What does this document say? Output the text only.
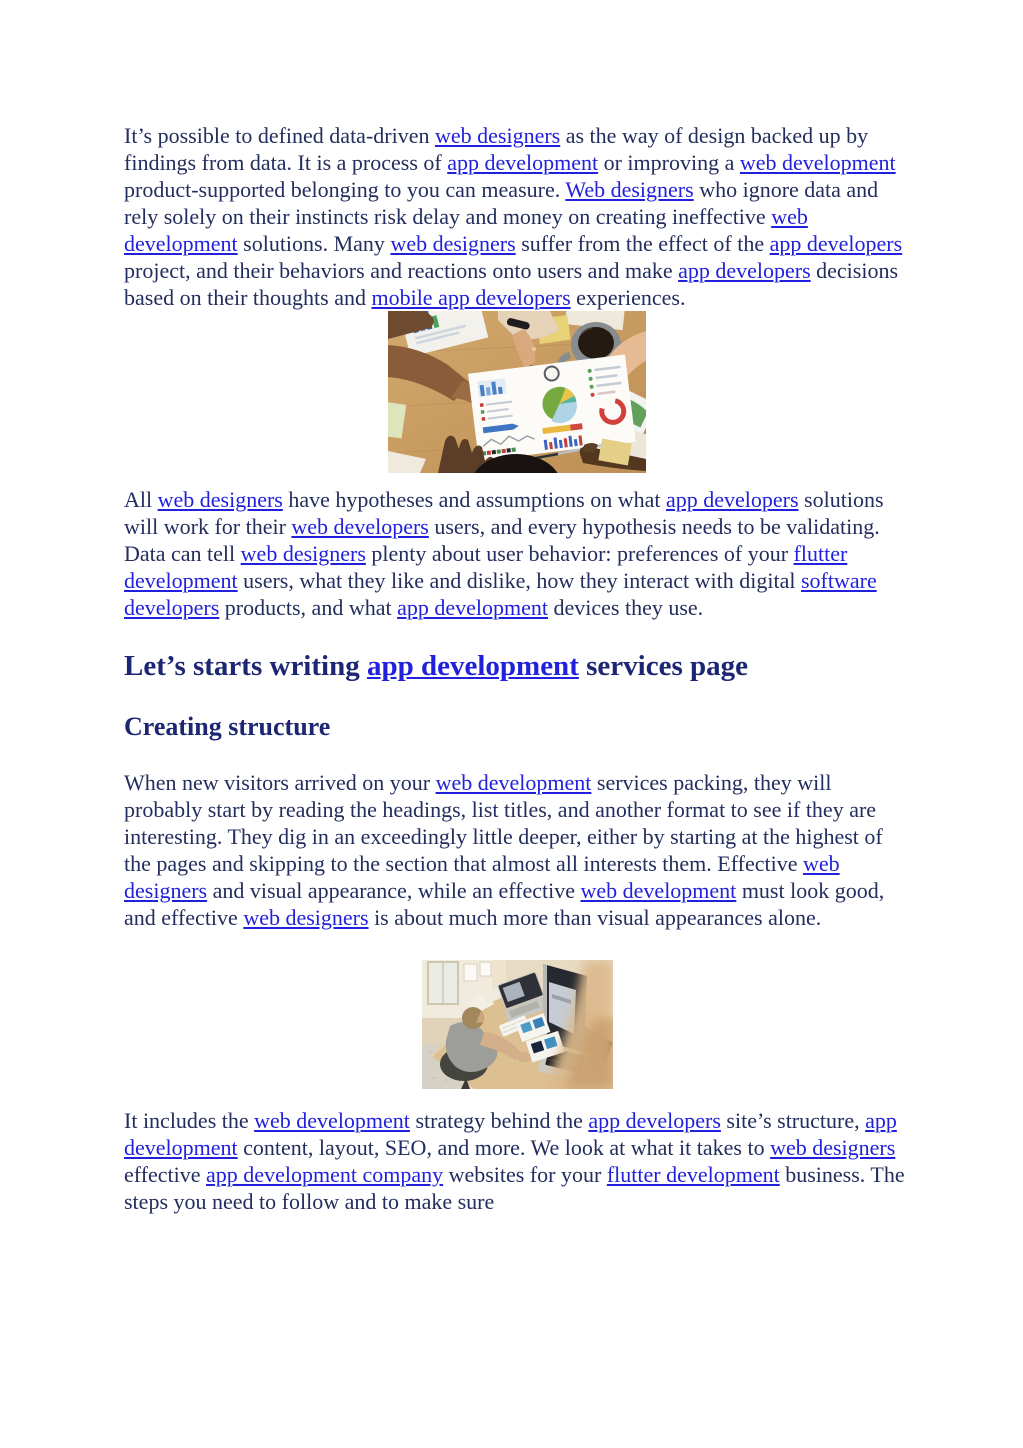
It’s possible to defined data-driven web designers as the way of design backed up by findings from data. It is a process of app development or improving a web development product-supported belonging to you can measure. Web designers who ignore data and rely solely on their instincts risk delay and money on creating ineffective web development solutions. Many web designers suffer from the effect of the app developers project, and their behaviors and reactions onto users and make app developers decisions based on their thoughts and mobile app developers experiences.

All web designers have hypotheses and assumptions on what app developers solutions will work for their web developers users, and every hypothesis needs to be validating. Data can tell web designers plenty about user behavior: preferences of your flutter development users, what they like and dislike, how they interact with digital software developers products, and what app development devices they use.

Let’s starts writing app development services page
Creating structure

When new visitors arrived on your web development services packing, they will probably start by reading the headings, list titles, and another format to see if they are interesting. They dig in an exceedingly little deeper, either by starting at the highest of the pages and skipping to the section that almost all interests them. Effective web designers and visual appearance, while an effective web development must look good, and effective web designers is about much more than visual appearances alone.

It includes the web development strategy behind the app developers site’s structure, app development content, layout, SEO, and more. We look at what it takes to web designers effective app development company websites for your flutter development business. The steps you need to follow and to make sure
